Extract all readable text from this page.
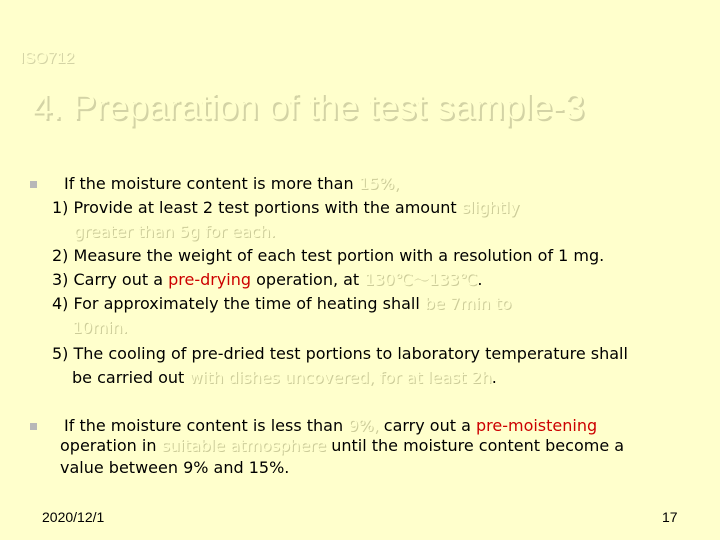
ISO712
4. Preparation of the test sample-3
If the moisture content is more than 15%,
1) Provide at least 2 test portions with the amount slightly
greater than 5g for each.
2) Measure the weight of each test portion with a resolution of 1 mg.
3) Carry out a pre-drying operation, at 130℃～133℃.
4) For approximately the time of heating shall be 7min to
10min.
5) The cooling of pre-dried test portions to laboratory temperature shall
be carried out with dishes uncovered, for at least 2h.
If the moisture content is less than 9%, carry out a pre-moistening
operation in suitable atmosphere until the moisture content become a
value between 9% and 15%.
2020/12/1	17
